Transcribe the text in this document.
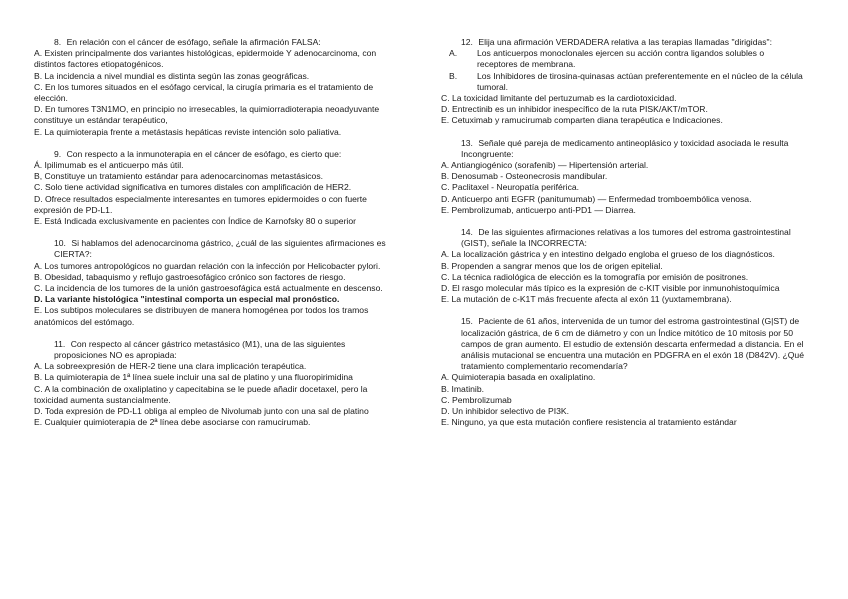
8. En relación con el cáncer de esófago, señale la afirmación FALSA:

A. Existen principalmente dos variantes histológicas, epidermoide Y adenocarcinoma, con distintos factores etiopatogénicos.

B. La incidencia a nivel mundial es distinta según las zonas geográficas.

C. En los tumores situados en el esófago cervical, la cirugía primaria es el tratamiento de elección.

D. En tumores T3N1MO, en principio no irresecables, la quimiorradioterapia neoadyuvante constituye un estándar terapéutico,

E. La quimioterapia frente a metástasis hepáticas reviste intención solo paliativa.

9. Con respecto a la inmunoterapia en el cáncer de esófago, es cierto que:

Á. Ipilimumab es el anticuerpo más útil.

B, Constituye un tratamiento estándar para adenocarcinomas metastásicos.

C. Solo tiene actividad significativa en tumores distales con amplificación de HER2.

D. Ofrece resultados especialmente interesantes en tumores epidermoides o con fuerte expresión de PD-L1.

E. Está Indicada exclusivamente en pacientes con Índice de Karnofsky 80 o superior

10. Si hablamos del adenocarcinoma gástrico, ¿cuál de las siguientes afirmaciones es CIERTA?:

A. Los tumores antropológicos no guardan relación con la infección por Helicobacter pylori.

B. Obesidad, tabaquismo y reflujo gastroesofágico crónico son factores de riesgo.

C. La incidencia de los tumores de la unión gastroesofágica está actualmente en descenso.

D. La variante histológica "intestinal comporta un especial mal pronóstico.

E. Los subtipos moleculares se distribuyen de manera homogénea por todos los tramos anatómicos del estómago.

11. Con respecto al cáncer gástrico metastásico (M1), una de las siguientes proposiciones NO es apropiada:

A. La sobreexpresión de HER-2 tiene una clara implicación terapéutica.

B. La quimioterapia de 1ª línea suele incluir una sal de platino y una fluoropirimidina

C. A la combinación de oxaliplatino y capecitabina se le puede añadir docetaxel, pero la toxicidad aumenta sustancialmente.

D. Toda expresión de PD-L1 obliga al empleo de Nivolumab junto con una sal de platino

E. Cualquier quimioterapia de 2ª línea debe asociarse con ramucirumab.

12. Elija una afirmación VERDADERA relativa a las terapias llamadas "dirigidas":

A. Los anticuerpos monoclonales ejercen su acción contra ligandos solubles o receptores de membrana.

B. Los Inhibidores de tirosina-quinasas actúan preferentemente en el núcleo de la célula tumoral.

C. La toxicidad limitante del pertuzumab es la cardiotoxicidad.

D. Entrectinib es un inhibidor inespecífico de la ruta PISK/AKT/mTOR.

E. Cetuximab y ramucirumab comparten diana terapéutica e Indicaciones.

13. Señale qué pareja de medicamento antineoplásico y toxicidad asociada le resulta Incongruente:

A. Antiangiogénico (sorafenib) — Hipertensión arterial.

B. Denosumab - Osteonecrosis mandibular.

C. Paclitaxel - Neuropatía periférica.

D. Anticuerpo anti EGFR (panitumumab) — Enfermedad tromboembólica venosa.

E. Pembrolizumab, anticuerpo anti-PD1 — Diarrea.

14. De las siguientes afirmaciones relativas a los tumores del estroma gastrointestinal (GIST), señale la INCORRECTA:

A. La localización gástrica y en intestino delgado engloba el grueso de los diagnósticos.

B. Propenden a sangrar menos que los de origen epitelial.

C. La técnica radiológica de elección es la tomografía por emisión de positrones.

D. El rasgo molecular más típico es la expresión de c-KIT visible por inmunohistoquímica

E. La mutación de c-K1T más frecuente afecta al exón 11 (yuxtamembrana).

15. Paciente de 61 años, intervenida de un tumor del estroma gastrointestinal (G|ST) de localización gástrica, de 6 cm de diámetro y con un Índice mitótico de 10 mitosis por 50 campos de gran aumento. El estudio de extensión descarta enfermedad a distancia. En el análisis mutacional se encuentra una mutación en PDGFRA en el exón 18 (D842V). ¿Qué tratamiento complementario recomendaría?

A. Quimioterapia basada en oxaliplatino.

B. Imatinib.

C. Pembrolizumab

D. Un inhibidor selectivo de PI3K.

E. Ninguno, ya que esta mutación confiere resistencia al tratamiento estándar
